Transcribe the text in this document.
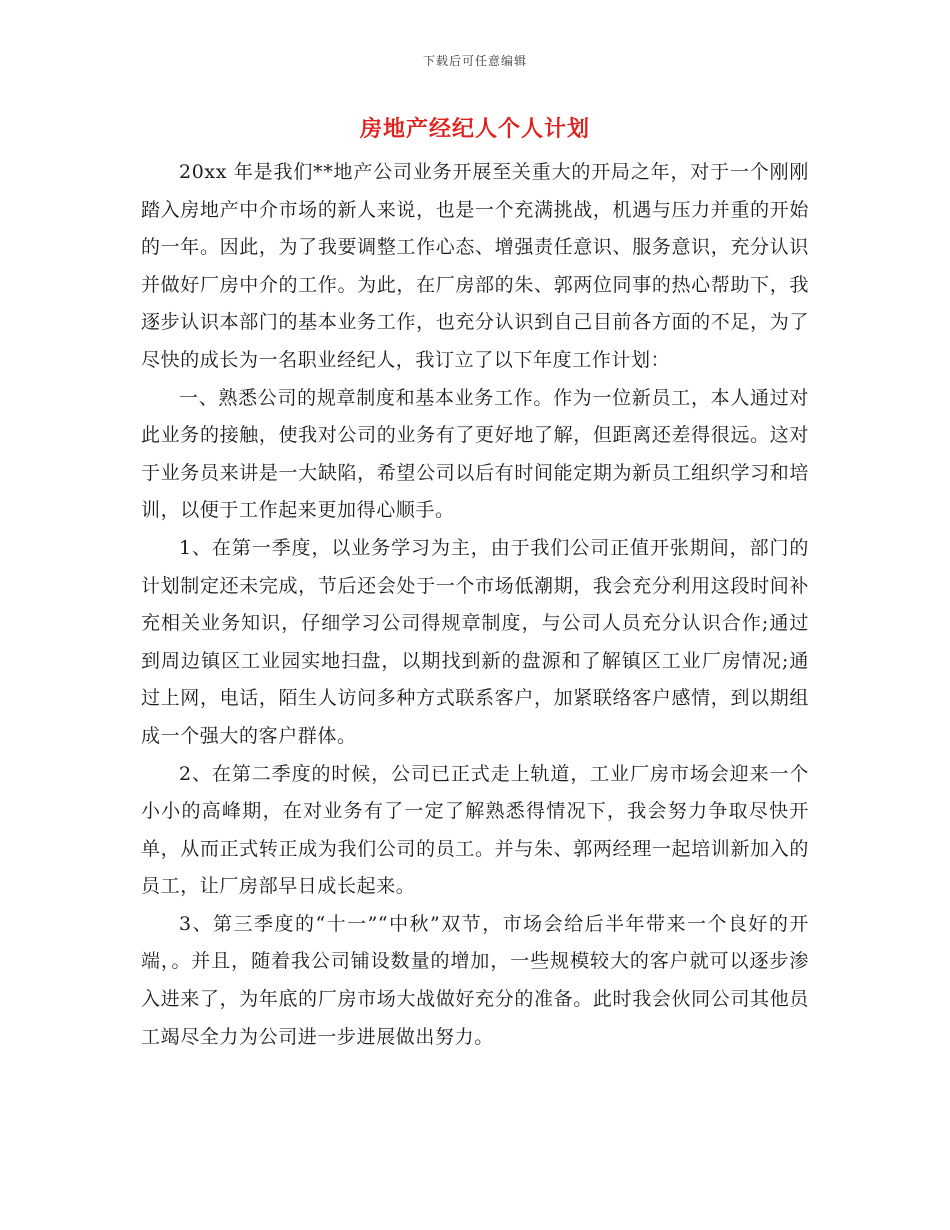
下载后可任意编辑
房地产经纪人个人计划

20xx 年是我们**地产公司业务开展至关重大的开局之年，对于一个刚刚踏入房地产中介市场的新人来说，也是一个充满挑战，机遇与压力并重的开始的一年。因此，为了我要调整工作心态、增强责任意识、服务意识，充分认识并做好厂房中介的工作。为此，在厂房部的朱、郭两位同事的热心帮助下，我逐步认识本部门的基本业务工作，也充分认识到自己目前各方面的不足，为了尽快的成长为一名职业经纪人，我订立了以下年度工作计划：

一、熟悉公司的规章制度和基本业务工作。作为一位新员工，本人通过对此业务的接触，使我对公司的业务有了更好地了解，但距离还差得很远。这对于业务员来讲是一大缺陷，希望公司以后有时间能定期为新员工组织学习和培训，以便于工作起来更加得心顺手。

1、在第一季度，以业务学习为主，由于我们公司正值开张期间，部门的计划制定还未完成，节后还会处于一个市场低潮期，我会充分利用这段时间补充相关业务知识，仔细学习公司得规章制度，与公司人员充分认识合作;通过到周边镇区工业园实地扫盘，以期找到新的盘源和了解镇区工业厂房情况;通过上网，电话，陌生人访问多种方式联系客户，加紧联络客户感情，到以期组成一个强大的客户群体。

2、在第二季度的时候，公司已正式走上轨道，工业厂房市场会迎来一个小小的高峰期，在对业务有了一定了解熟悉得情况下，我会努力争取尽快开单，从而正式转正成为我们公司的员工。并与朱、郭两经理一起培训新加入的员工，让厂房部早日成长起来。

3、第三季度的“十一”“中秋”双节，市场会给后半年带来一个良好的开端，。并且，随着我公司铺设数量的增加，一些规模较大的客户就可以逐步渗入进来了，为年底的厂房市场大战做好充分的准备。此时我会伙同公司其他员工竭尽全力为公司进一步进展做出努力。
